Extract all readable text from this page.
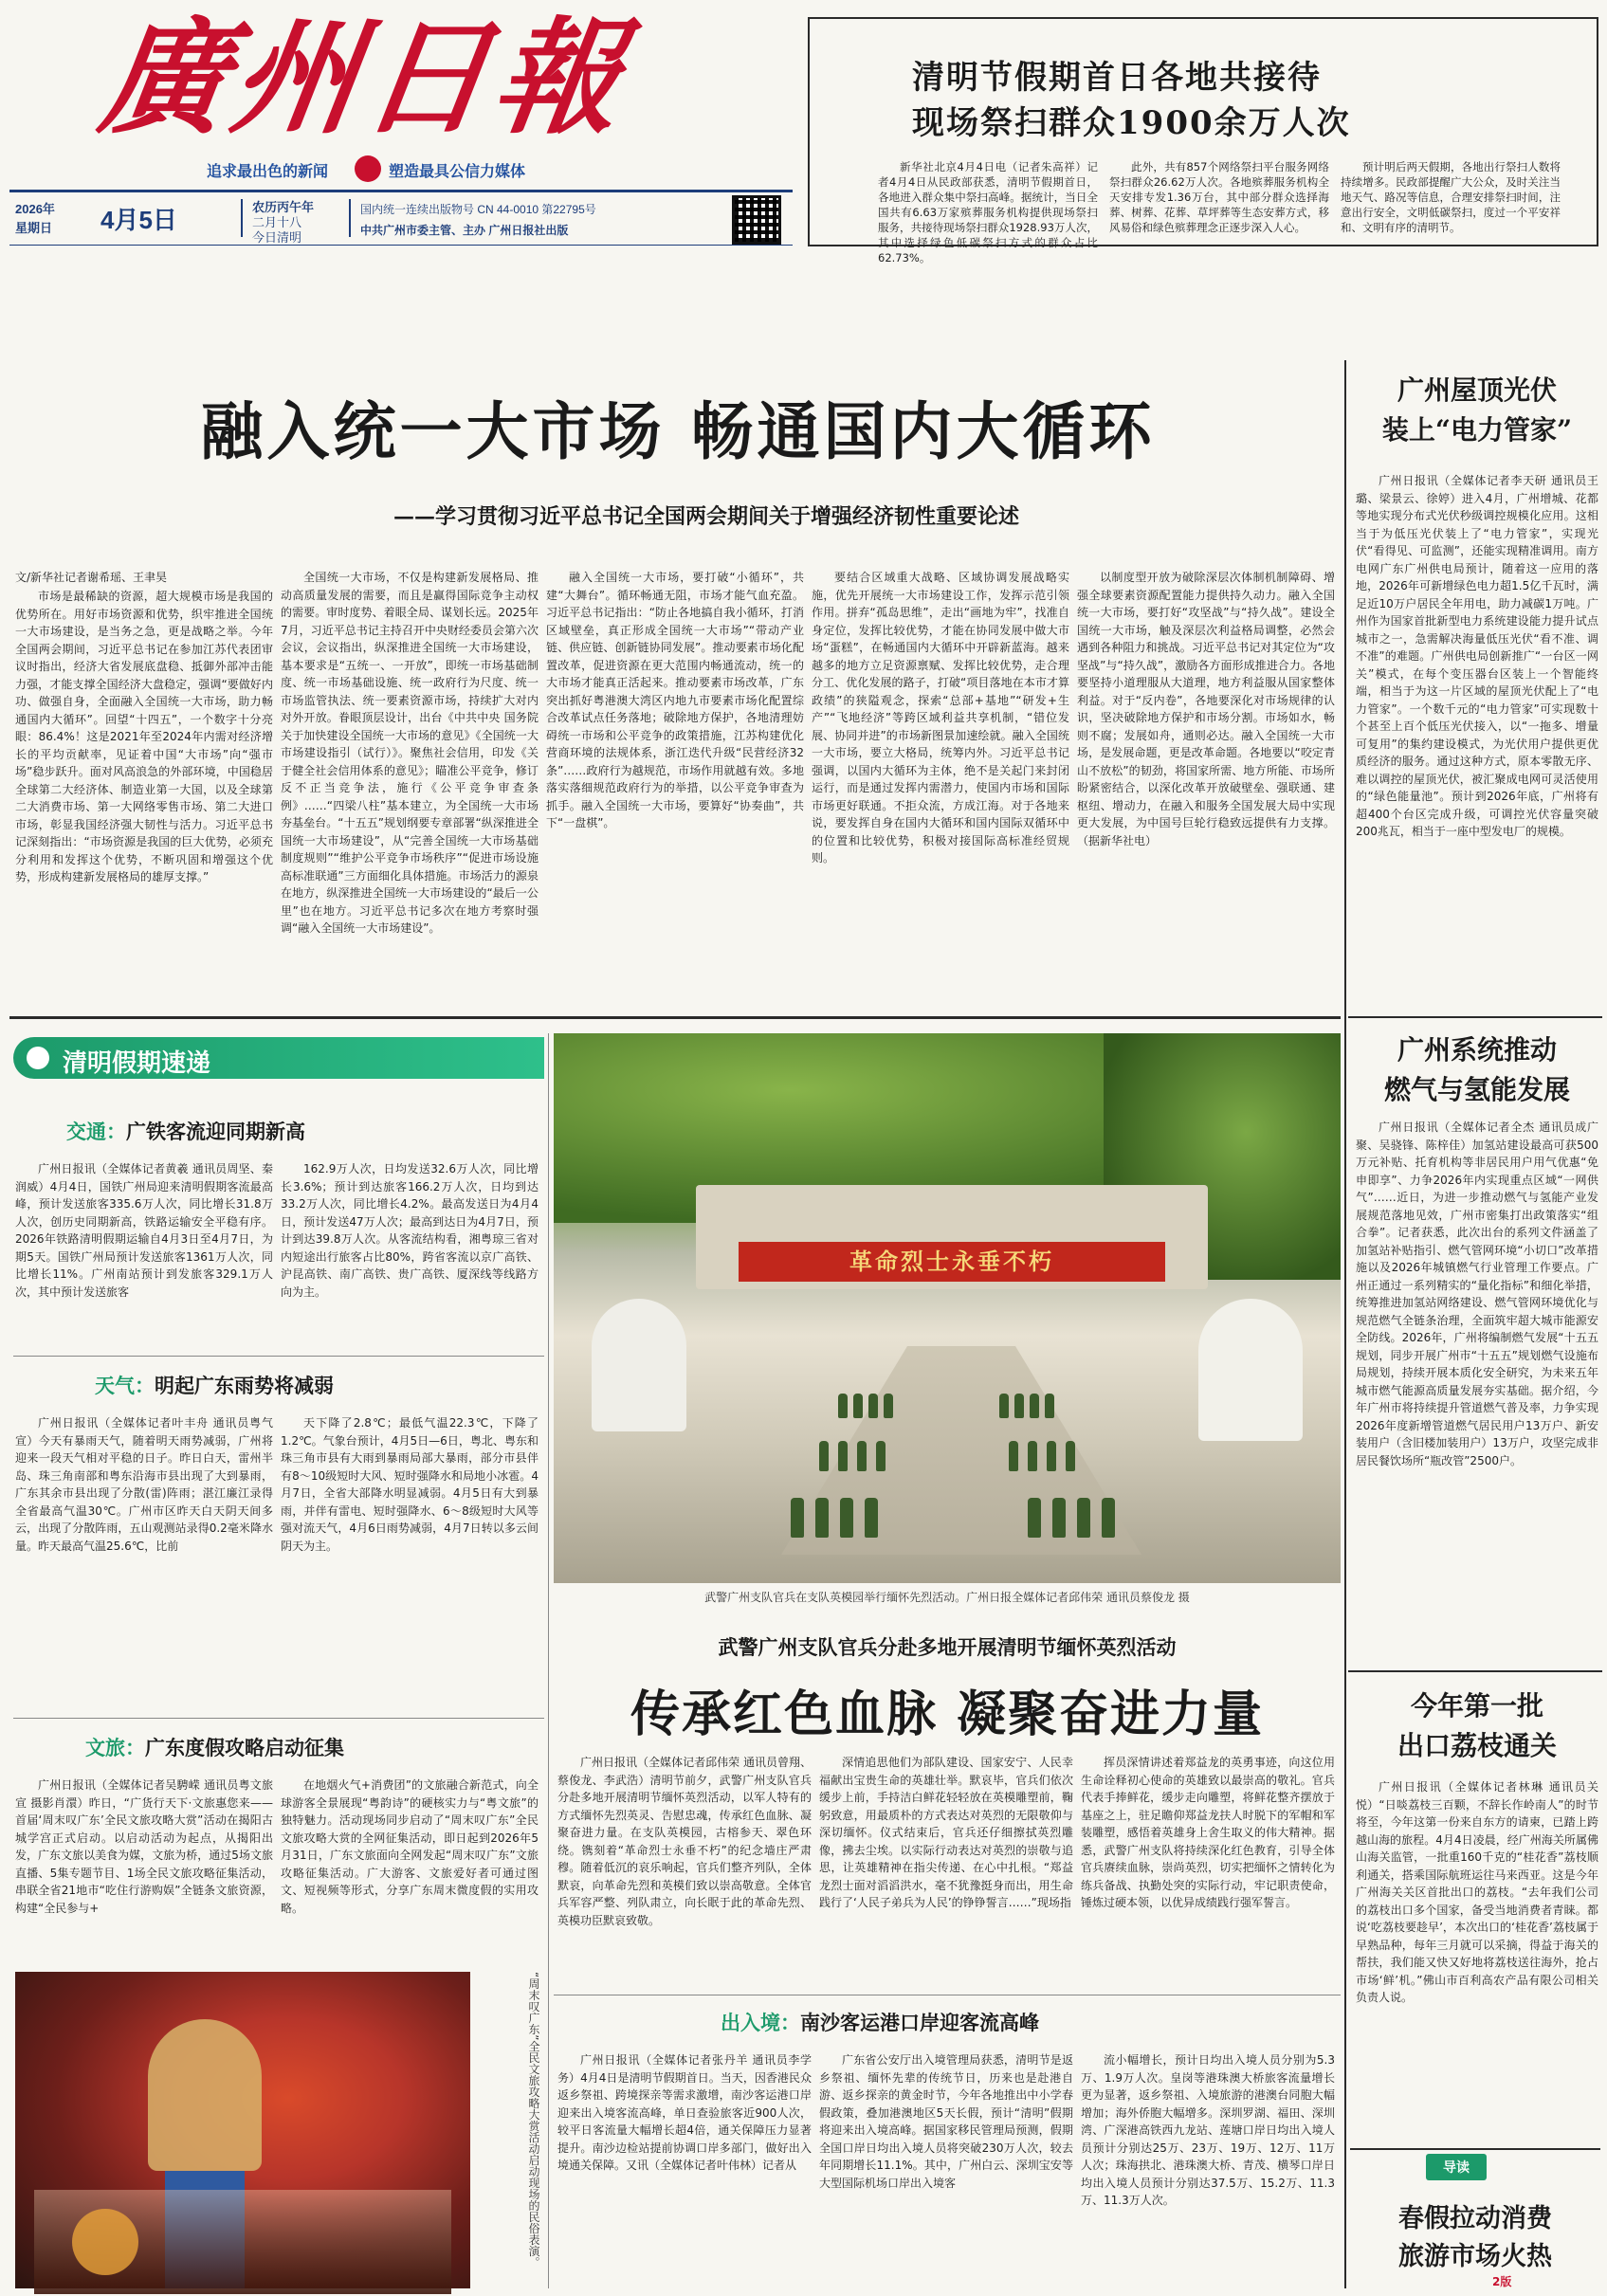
廣州日報
追求最出色的新闻	塑造最具公信力媒体
2026年
星期日 4月5日	农历丙午年
二月十八
今日清明
国内统一连续出版物号 CN 44-0010 第22795号
中共广州市委主管、主办 广州日报社出版
清明节假期首日各地共接待
现场祭扫群众1900余万人次

新华社北京4月4日电（记者朱高祥）记者4月4日从民政部获悉，清明节假期首日，各地进入群众集中祭扫高峰。据统计，当日全国共有6.63万家殡葬服务机构提供现场祭扫服务，共接待现场祭扫群众1928.93万人次，其中选择绿色低碳祭扫方式的群众占比62.73%。

此外，共有857个网络祭扫平台服务网络祭扫群众26.62万人次。各地殡葬服务机构全天安排专发1.36万台，其中部分群众选择海葬、树葬、花葬、草坪葬等生态安葬方式，移风易俗和绿色殡葬理念正逐步深入人心。

预计明后两天假期，各地出行祭扫人数将持续增多。民政部提醒广大公众，及时关注当地天气、路况等信息，合理安排祭扫时间，注意出行安全，文明低碳祭扫，度过一个平安祥和、文明有序的清明节。

融入统一大市场 畅通国内大循环
——学习贯彻习近平总书记全国两会期间关于增强经济韧性重要论述
文/新华社记者谢希瑶、王聿昊

市场是最稀缺的资源，超大规模市场是我国的优势所在。用好市场资源和优势，织牢推进全国统一大市场建设，是当务之急，更是战略之举。今年全国两会期间，习近平总书记在参加江苏代表团审议时指出，经济大省发展底盘稳、抵御外部冲击能力强，才能支撑全国经济大盘稳定，强调“要做好内功、做强自身，全面融入全国统一大市场，助力畅通国内大循环”。回望“十四五”，一个数字十分亮眼：86.4%！这是2021年至2024年内需对经济增长的平均贡献率，见证着中国“大市场”向“强市场”稳步跃升。面对风高浪急的外部环境，中国稳居全球第二大经济体、制造业第一大国，以及全球第二大消费市场、第一大网络零售市场、第二大进口市场，彰显我国经济强大韧性与活力。习近平总书记深刻指出：“市场资源是我国的巨大优势，必须充分利用和发挥这个优势，不断巩固和增强这个优势，形成构建新发展格局的雄厚支撑。”

全国统一大市场，不仅是构建新发展格局、推动高质量发展的需要，而且是赢得国际竞争主动权的需要。审时度势、着眼全局、谋划长远。2025年7月，习近平总书记主持召开中央财经委员会第六次会议，会议指出，纵深推进全国统一大市场建设，基本要求是“五统一、一开放”，即统一市场基础制度、统一市场基础设施、统一政府行为尺度、统一市场监管执法、统一要素资源市场，持续扩大对内对外开放。眷眼顶层设计，出台《中共中央 国务院关于加快建设全国统一大市场的意见》《全国统一大市场建设指引（试行）》。聚焦社会信用，印发《关于健全社会信用体系的意见》；瞄准公平竞争，修订反不正当竞争法，施行《公平竞争审查条例》……“四梁八柱”基本建立，为全国统一大市场夯基垒台。“十五五”规划纲要专章部署“纵深推进全国统一大市场建设”，从“完善全国统一大市场基础制度规则”“维护公平竞争市场秩序”“促进市场设施高标准联通”三方面细化具体措施。市场活力的源泉在地方，纵深推进全国统一大市场建设的“最后一公里”也在地方。习近平总书记多次在地方考察时强调“融入全国统一大市场建设”。

融入全国统一大市场，要打破“小循环”，共建“大舞台”。循环畅通无阻，市场才能气血充盈。习近平总书记指出：“防止各地搞自我小循环，打消区域壁垒，真正形成全国统一大市场”“带动产业链、供应链、创新链协同发展”。推动要素市场化配置改革，促进资源在更大范围内畅通流动，统一的大市场才能真正活起来。推动要素市场改革，广东突出抓好粤港澳大湾区内地九市要素市场化配置综合改革试点任务落地；破除地方保护，各地清理妨碍统一市场和公平竞争的政策措施，江苏构建优化营商环境的法规体系，浙江迭代升级“民营经济32条”……政府行为越规范，市场作用就越有效。多地落实落细规范政府行为的举措，以公平竞争审查为抓手。融入全国统一大市场，要算好“协奏曲”，共下“一盘棋”。

要结合区域重大战略、区域协调发展战略实施，优先开展统一大市场建设工作，发挥示范引领作用。拼弃“孤岛思维”，走出“画地为牢”，找准自身定位，发挥比较优势，才能在协同发展中做大市场“蛋糕”，在畅通国内大循环中开辟新蓝海。越来越多的地方立足资源禀赋、发挥比较优势，走合理分工、优化发展的路子，打破“项目落地在本市才算政绩”的狭隘观念，探索“总部+基地”“研发+生产”“飞地经济”等跨区域利益共享机制，“错位发展、协同并进”的市场新图景加速绘就。融入全国统一大市场，要立大格局，统筹内外。习近平总书记强调，以国内大循环为主体，绝不是关起门来封闭运行，而是通过发挥内需潜力，使国内市场和国际市场更好联通。不拒众流，方成江海。对于各地来说，要发挥自身在国内大循环和国内国际双循环中的位置和比较优势，积极对接国际高标准经贸规则。

以制度型开放为破除深层次体制机制障碍、增强全球要素资源配置能力提供持久动力。融入全国统一大市场，要打好“攻坚战”与“持久战”。建设全国统一大市场，触及深层次利益格局调整，必然会遇到各种阻力和挑战。习近平总书记对其定位为“攻坚战”与“持久战”，激励各方面形成推进合力。各地要坚持小道理服从大道理，地方利益服从国家整体利益。对于“反内卷”，各地要深化对市场规律的认识，坚决破除地方保护和市场分割。市场如水，畅则不腐；发展如舟，通则必达。融入全国统一大市场，是发展命题，更是改革命题。各地要以“咬定青山不放松”的韧劲，将国家所需、地方所能、市场所盼紧密结合，以深化改革开放破壁垒、强联通、建枢纽、增动力，在融入和服务全国发展大局中实现更大发展，为中国号巨轮行稳致远提供有力支撑。（据新华社电）

广州屋顶光伏
装上“电力管家”

广州日报讯（全媒体记者李天研 通讯员王璐、梁景云、徐婷）进入4月，广州增城、花都等地实现分布式光伏秒级调控规模化应用。这相当于为低压光伏装上了“电力管家”，实现光伏“看得见、可监测”，还能实现精准调用。南方电网广东广州供电局预计，随着这一应用的落地，2026年可新增绿色电力超1.5亿千瓦时，满足近10万户居民全年用电，助力减碳1万吨。广州作为国家首批新型电力系统建设能力提升试点城市之一，急需解决海量低压光伏“看不准、调不准”的难题。广州供电局创新推广“一台区一网关”模式，在每个变压器台区装上一个智能终端，相当于为这一片区域的屋顶光伏配上了“电力管家”。一个数千元的“电力管家”可实现数十个甚至上百个低压光伏接入，以“一拖多、增量可复用”的集约建设模式，为光伏用户提供更优质经济的服务。通过这种方式，原本零散无序、难以调控的屋顶光伏，被汇聚成电网可灵活使用的“绿色能量池”。预计到2026年底，广州将有超400个台区完成升级，可调控光伏容量突破200兆瓦，相当于一座中型发电厂的规模。

广州系统推动
燃气与氢能发展

广州日报讯（全媒体记者全杰 通讯员成广聚、吴骁锋、陈梓佳）加氢站建设最高可获500万元补贴、托育机构等非居民用户用气优惠“免申即享”、力争2026年内实现重点区域“一网供气”……近日，为进一步推动燃气与氢能产业发展规范落地见效，广州市密集打出政策落实“组合拳”。记者获悉，此次出台的系列文件涵盖了加氢站补贴指引、燃气管网环境“小切口”改革措施以及2026年城镇燃气行业管理工作要点。广州正通过一系列精实的“量化指标”和细化举措，统筹推进加氢站网络建设、燃气管网环境优化与规范燃气全链条治理，全面筑牢超大城市能源安全防线。2026年，广州将编制燃气发展“十五五规划，同步开展广州市“十五五”规划燃气设施布局规划，持续开展本质化安全研究，为未来五年城市燃气能源高质量发展夯实基础。据介绍，今年广州市将持续提升管道燃气普及率，力争实现2026年度新增管道燃气居民用户13万户、新安装用户（含旧楼加装用户）13万户，攻坚完成非居民餐饮场所“瓶改管”2500户。

今年第一批
出口荔枝通关

广州日报讯（全媒体记者林琳 通讯员关悦）“日啖荔枝三百颗，不辞长作岭南人”的时节将至，今年这第一份来自东方的请柬，已踏上跨越山海的旅程。4月4日凌晨，经广州海关所属佛山海关监管，一批重160千克的“桂花香”荔枝顺利通关，搭乘国际航班运往马来西亚。这是今年广州海关关区首批出口的荔枝。“去年我们公司的荔枝出口多个国家，备受当地消费者青睐。都说‘吃荔枝要趁早’，本次出口的‘桂花香’荔枝属于早熟品种，每年三月就可以采摘，得益于海关的帮扶，我们能又快又好地将荔枝送往海外，抢占市场‘鲜’机。”佛山市百利高农产品有限公司相关负责人说。

导读
春假拉动消费
旅游市场火热
2版
清明假期速递
交通：广铁客流迎同期新高

广州日报讯（全媒体记者黄羲 通讯员周坚、秦润威）4月4日，国铁广州局迎来清明假期客流最高峰，预计发送旅客335.6万人次，同比增长31.8万人次，创历史同期新高，铁路运输安全平稳有序。2026年铁路清明假期运输自4月3日至4月7日，为期5天。国铁广州局预计发送旅客1361万人次，同比增长11%。广州南站预计到发旅客329.1万人次，其中预计发送旅客

162.9万人次，日均发送32.6万人次，同比增长3.6%；预计到达旅客166.2万人次，日均到达33.2万人次，同比增长4.2%。最高发送日为4月4日，预计发送47万人次；最高到达日为4月7日，预计到达39.8万人次。从客流结构看，湘粤琼三省对内短途出行旅客占比80%，跨省客流以京广高铁、沪昆高铁、南广高铁、贵广高铁、厦深线等线路方向为主。

天气：明起广东雨势将减弱

广州日报讯（全媒体记者叶丰舟 通讯员粤气宣）今天有暴雨天气，随着明天雨势减弱，广州将迎来一段天气相对平稳的日子。昨日白天，雷州半岛、珠三角南部和粤东沿海市县出现了大到暴雨，广东其余市县出现了分散(雷)阵雨；湛江廉江录得全省最高气温30℃。广州市区昨天白天阴天间多云，出现了分散阵雨，五山观测站录得0.2毫米降水量。昨天最高气温25.6℃，比前

天下降了2.8℃；最低气温22.3℃，下降了1.2℃。气象台预计，4月5日—6日，粤北、粤东和珠三角市县有大雨到暴雨局部大暴雨，部分市县伴有8～10级短时大风、短时强降水和局地小冰雹。4月7日，全省大部降水明显减弱。4月5日有大到暴雨，并伴有雷电、短时强降水、6～8级短时大风等强对流天气，4月6日雨势减弱，4月7日转以多云间阴天为主。

文旅：广东度假攻略启动征集

广州日报讯（全媒体记者吴騁嵘 通讯员粤文旅宣 摄影肖澴）昨日，“广货行天下·文旅惠您来——首届‘周末叹广东’全民文旅攻略大赏”活动在揭阳古城学宫正式启动。以启动活动为起点，从揭阳出发，广东文旅以美食为媒，文旅为桥，通过5场文旅直播、5集专题节目、1场全民文旅攻略征集活动，串联全省21地市“吃住行游购娱”全链条文旅资源，构建“全民参与+

在地烟火气+消费团”的文旅融合新范式，向全球游客全景展现“粤韵诗”的硬核实力与“粤文旅”的独特魅力。活动现场同步启动了“周末叹广东”全民文旅攻略大赏的全网征集活动，即日起到2026年5月31日，广东文旅面向全网发起“周末叹广东”文旅攻略征集活动。广大游客、文旅爱好者可通过图文、短视频等形式，分享广东周末微度假的实用攻略。

“周末叹广东”全民文旅攻略大赏活动启动现场的民俗表演。
革命烈士永垂不朽
武警广州支队官兵在支队英模园举行缅怀先烈活动。广州日报全媒体记者邱伟荣 通讯员蔡俊龙 摄
武警广州支队官兵分赴多地开展清明节缅怀英烈活动
传承红色血脉 凝聚奋进力量

广州日报讯（全媒体记者邱伟荣 通讯员曾翔、蔡俊龙、李武浩）清明节前夕，武警广州支队官兵分赴多地开展清明节缅怀英烈活动，以军人特有的方式缅怀先烈英灵、告慰忠魂，传承红色血脉、凝聚奋进力量。在支队英模园，古榕参天、翠色环绕。镌刻着“革命烈士永垂不朽”的纪念墙庄严肃穆。随着低沉的哀乐响起，官兵们整齐列队，全体默哀，向革命先烈和英模们致以崇高敬意。全体官兵军容严整、列队肃立，向长眠于此的革命先烈、英模功臣默哀致敬。

深情追思他们为部队建设、国家安宁、人民幸福献出宝贵生命的英雄壮举。默哀毕，官兵们依次缓步上前，手持洁白鲜花轻轻放在英模雕塑前，鞠躬致意，用最质朴的方式表达对英烈的无限敬仰与深切缅怀。仪式结束后，官兵还仔细擦拭英烈雕像，拂去尘埃。以实际行动表达对英烈的崇敬与追思，让英雄精神在指尖传递、在心中扎根。“郑益龙烈士面对滔滔洪水，毫不犹豫挺身而出，用生命践行了‘人民子弟兵为人民’的铮铮誓言……”现场指

挥员深情讲述着郑益龙的英勇事迹，向这位用生命诠释初心使命的英雄致以最崇高的敬礼。官兵代表手捧鲜花，缓步走向雕塑，将鲜花整齐摆放于基座之上，驻足瞻仰郑益龙扶人时脱下的军帽和军装雕塑，感悟着英雄身上舍生取义的伟大精神。据悉，武警广州支队将持续深化红色教育，引导全体官兵赓续血脉，崇尚英烈，切实把缅怀之情转化为练兵备战、执勤处突的实际行动，牢记职责使命，锤炼过硬本领，以优异成绩践行强军誓言。

出入境：南沙客运港口岸迎客流高峰

广州日报讯（全媒体记者张丹羊 通讯员李学务）4月4日是清明节假期首日。当天，因香港民众返乡祭祖、跨境探亲等需求激增，南沙客运港口岸迎来出入境客流高峰，单日查验旅客近900人次，较平日客流量大幅增长超4倍，通关保障压力显著提升。南沙边检站提前协调口岸多部门，做好出入境通关保障。又讯（全媒体记者叶伟林）记者从

广东省公安厅出入境管理局获悉，清明节是返乡祭祖、缅怀先辈的传统节日，历来也是赴港自游、返乡探亲的黄金时节，今年各地推出中小学春假政策，叠加港澳地区5天长假，预计“清明”假期将迎来出入境高峰。据国家移民管理局预测，假期全国口岸日均出入境人员将突破230万人次，较去年同期增长11.1%。其中，广州白云、深圳宝安等大型国际机场口岸出入境客

流小幅增长，预计日均出入境人员分别为5.3万、1.9万人次。皇岗等港珠澳大桥旅客流量增长更为显著，返乡祭祖、入境旅游的港澳台同胞大幅增加；海外侨胞大幅增多。深圳罗湖、福田、深圳湾、广深港高铁西九龙站、莲塘口岸日均出入境人员预计分别达25万、23万、19万、12万、11万人次；珠海拱北、港珠澳大桥、青茂、横琴口岸日均出入境人员预计分别达37.5万、15.2万、11.3万、11.3万人次。
